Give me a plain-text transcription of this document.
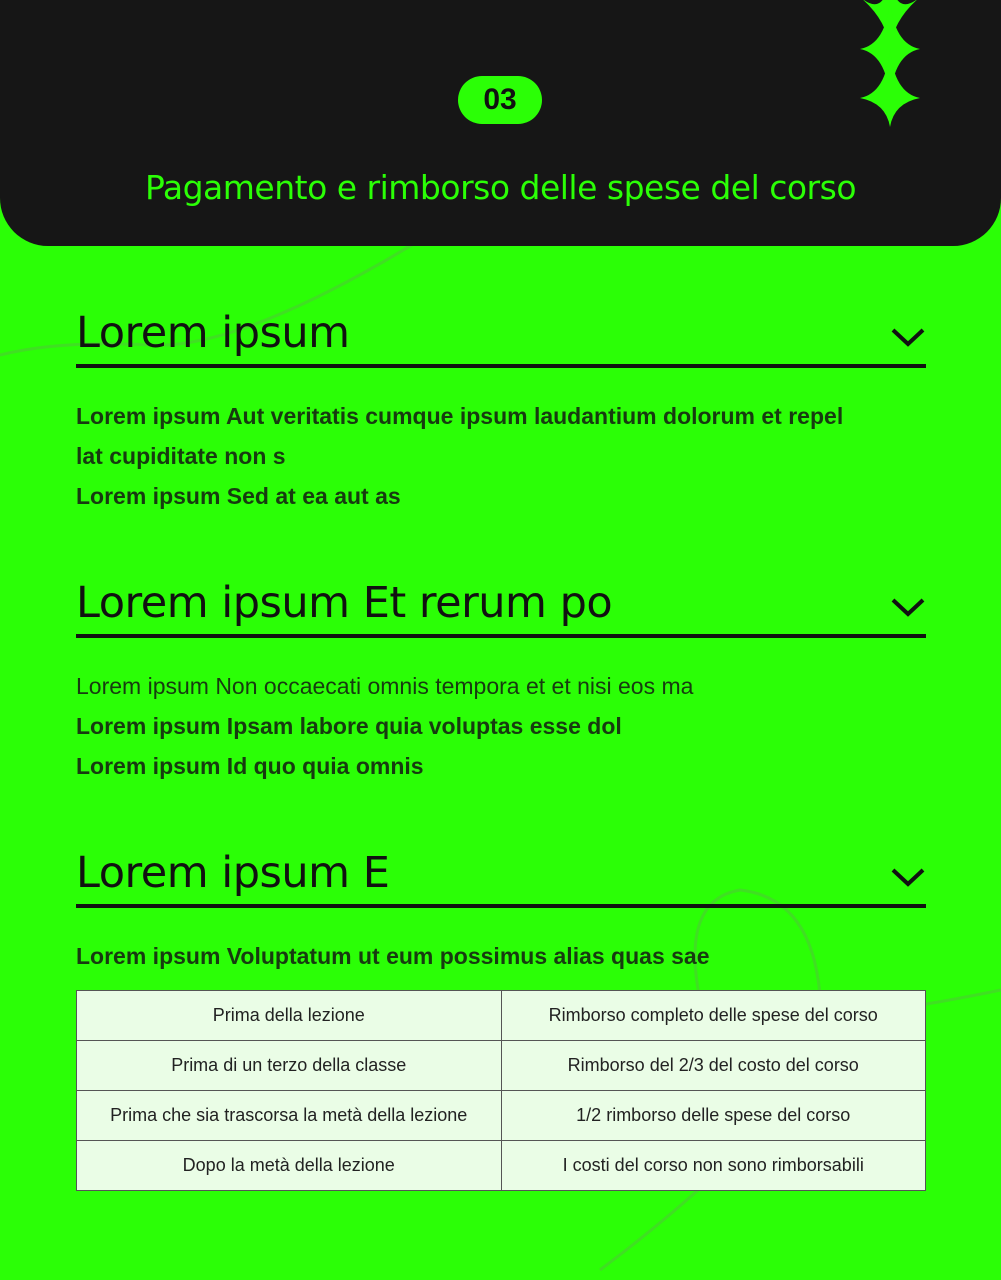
03
Pagamento e rimborso delle spese del corso
Lorem ipsum
Lorem ipsum Aut veritatis cumque ipsum laudantium dolorum et repel
lat cupiditate non s
Lorem ipsum Sed at ea aut as
Lorem ipsum Et rerum po
Lorem ipsum Non occaecati omnis tempora et et nisi eos ma
Lorem ipsum Ipsam labore quia voluptas esse dol
Lorem ipsum Id quo quia omnis
Lorem ipsum E
Lorem ipsum Voluptatum ut eum possimus alias quas sae
Prima della lezione	Rimborso completo delle spese del corso
Prima di un terzo della classe	Rimborso del 2/3 del costo del corso
Prima che sia trascorsa la metà della lezione	1/2 rimborso delle spese del corso
Dopo la metà della lezione	I costi del corso non sono rimborsabili
